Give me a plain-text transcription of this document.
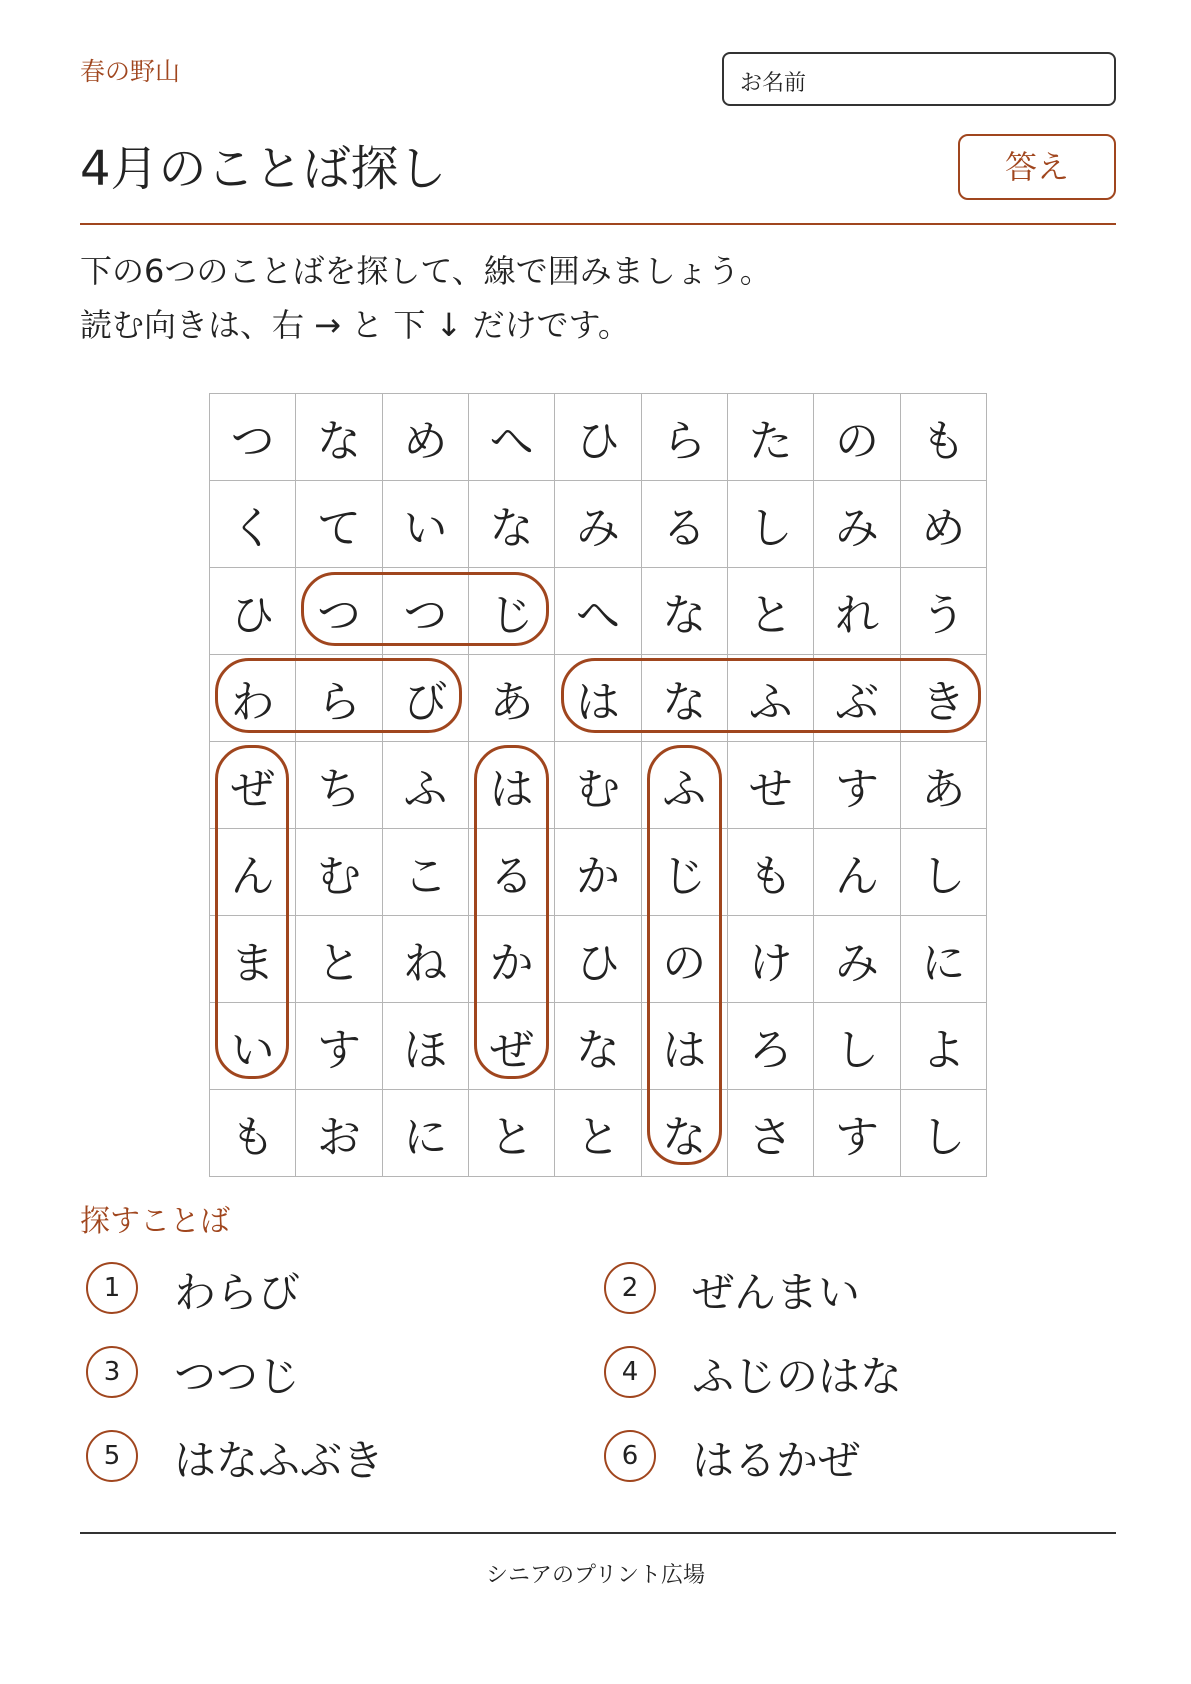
春の野山	お名前
4月のことば探し	答え
下の6つのことばを探して、線で囲みましょう。
読む向きは、右 → と 下 ↓ だけです。
つ	な	め	へ	ひ	ら	た	の	も
く	て	い	な	み	る	し	み	め
ひ	つ	つ	じ	へ	な	と	れ	う
わ	ら	び	あ	は	な	ふ	ぶ	き
ぜ	ち	ふ	は	む	ふ	せ	す	あ
ん	む	こ	る	か	じ	も	ん	し
ま	と	ね	か	ひ	の	け	み	に
い	す	ほ	ぜ	な	は	ろ	し	よ
も	お	に	と	と	な	さ	す	し
探すことば
1	わらび	2	ぜんまい
3	つつじ	4	ふじのはな
5	はなふぶき	6	はるかぜ
シニアのプリント広場
